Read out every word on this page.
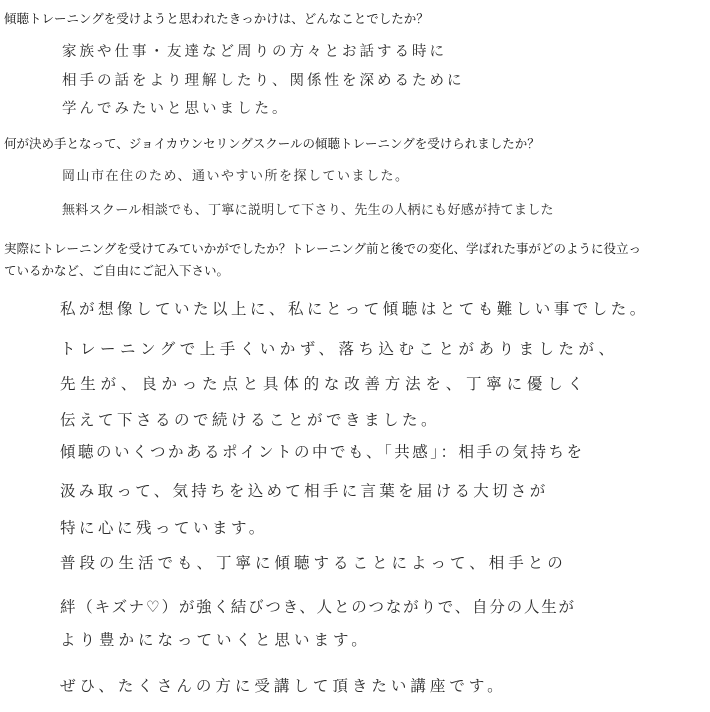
傾聴トレーニングを受けようと思われたきっかけは、どんなことでしたか？
家族や仕事・友達など周りの方々とお話する時に
相手の話をより理解したり、関係性を深めるために
学んでみたいと思いました。
何が決め手となって、ジョイカウンセリングスクールの傾聴トレーニングを受けられましたか？
岡山市在住のため、通いやすい所を探していました。
無料スクール相談でも、丁寧に説明して下さり、先生の人柄にも好感が持てました
実際にトレーニングを受けてみていかがでしたか？トレーニング前と後での変化、学ばれた事がどのように役立っ
ているかなど、ご自由にご記入下さい。
私が想像していた以上に、私にとって傾聴はとても難しい事でした。
トレーニングで上手くいかず、落ち込むことがありましたが、
先生が、良かった点と具体的な改善方法を、丁寧に優しく
伝えて下さるので続けることができました。
傾聴のいくつかあるポイントの中でも、「共感」：相手の気持ちを
汲み取って、気持ちを込めて相手に言葉を届ける大切さが
特に心に残っています。
普段の生活でも、丁寧に傾聴することによって、相手との
絆（キズナ♡）が強く結びつき、人とのつながりで、自分の人生が
より豊かになっていくと思います。
ぜひ、たくさんの方に受講して頂きたい講座です。
